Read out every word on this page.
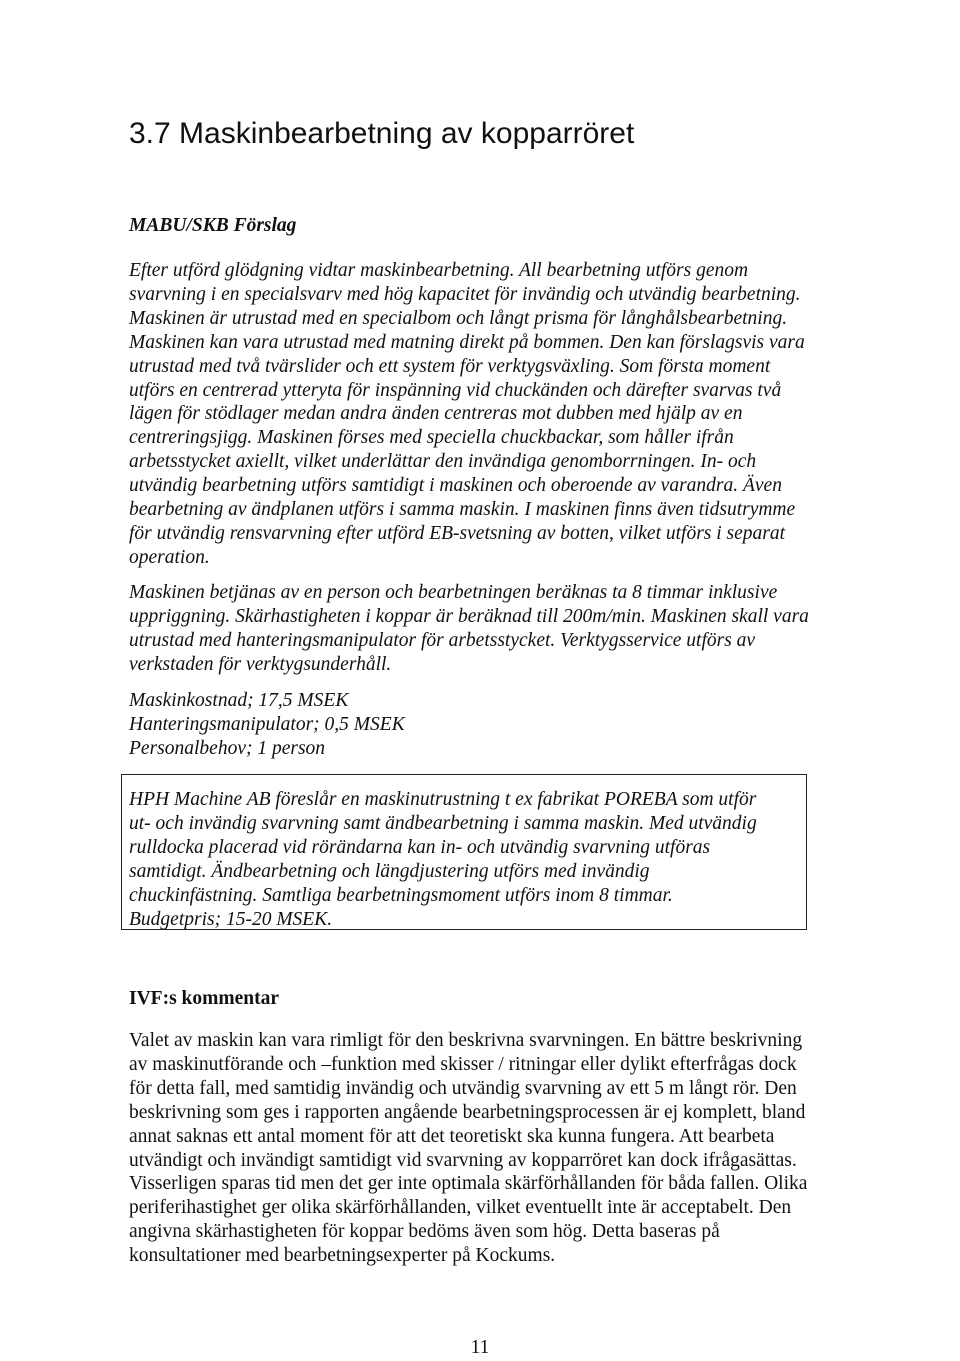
3.7 Maskinbearbetning av kopparröret
MABU/SKB Förslag

Efter utförd glödgning vidtar maskinbearbetning. All bearbetning utförs genom
svarvning i en specialsvarv med hög kapacitet för invändig och utvändig bearbetning.
Maskinen är utrustad med en specialbom och långt prisma för långhålsbearbetning.
Maskinen kan vara utrustad med matning direkt på bommen. Den kan förslagsvis vara
utrustad med två tvärslider och ett system för verktygsväxling. Som första moment
utförs en centrerad ytteryta för inspänning vid chuckänden och därefter svarvas två
lägen för stödlager medan andra änden centreras mot dubben med hjälp av en
centreringsjigg. Maskinen förses med speciella chuckbackar, som håller ifrån
arbetsstycket axiellt, vilket underlättar den invändiga genomborrningen. In- och
utvändig bearbetning utförs samtidigt i maskinen och oberoende av varandra. Även
bearbetning av ändplanen utförs i samma maskin. I maskinen finns även tidsutrymme
för utvändig rensvarvning efter utförd EB-svetsning av botten, vilket utförs i separat
operation.

Maskinen betjänas av en person och bearbetningen beräknas ta 8 timmar inklusive
uppriggning. Skärhastigheten i koppar är beräknad till 200m/min. Maskinen skall vara
utrustad med hanteringsmanipulator för arbetsstycket. Verktygsservice utförs av
verkstaden för verktygsunderhåll.

Maskinkostnad; 17,5 MSEK
Hanteringsmanipulator; 0,5 MSEK
Personalbehov; 1 person

HPH Machine AB föreslår en maskinutrustning t ex fabrikat POREBA som utför
ut- och invändig svarvning samt ändbearbetning i samma maskin. Med utvändig
rulldocka placerad vid rörändarna kan in- och utvändig svarvning utföras
samtidigt. Ändbearbetning och längdjustering utförs med invändig
chuckinfästning. Samtliga bearbetningsmoment utförs inom 8 timmar.
Budgetpris; 15-20 MSEK.

IVF:s kommentar

Valet av maskin kan vara rimligt för den beskrivna svarvningen. En bättre beskrivning
av maskinutförande och –funktion med skisser / ritningar eller dylikt efterfrågas dock
för detta fall, med samtidig invändig och utvändig svarvning av ett 5 m långt rör. Den
beskrivning som ges i rapporten angående bearbetningsprocessen är ej komplett, bland
annat saknas ett antal moment för att det teoretiskt ska kunna fungera. Att bearbeta
utvändigt och invändigt samtidigt vid svarvning av kopparröret kan dock ifrågasättas.
Visserligen sparas tid men det ger inte optimala skärförhållanden för båda fallen. Olika
periferihastighet ger olika skärförhållanden, vilket eventuellt inte är acceptabelt. Den
angivna skärhastigheten för koppar bedöms även som hög. Detta baseras på
konsultationer med bearbetningsexperter på Kockums.

11
